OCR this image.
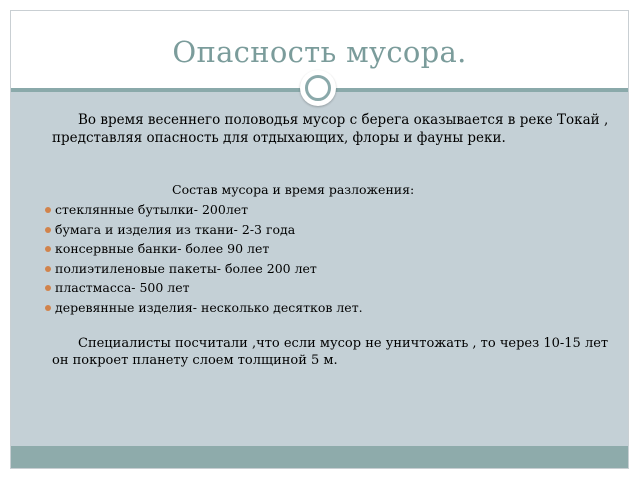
Опасность мусора.
Во время весеннего половодья мусор с берега оказывается в реке Токай , представляя опасность для отдыхающих, флоры и фауны реки.
Состав мусора и время разложения:
стеклянные бутылки- 200лет
бумага и изделия из ткани- 2-3 года
консервные банки- более 90 лет
полиэтиленовые пакеты- более 200 лет
пластмасса- 500 лет
деревянные изделия- несколько десятков лет.
Специалисты посчитали ,что если мусор не уничтожать , то через 10-15 лет он покроет планету слоем толщиной 5 м.
